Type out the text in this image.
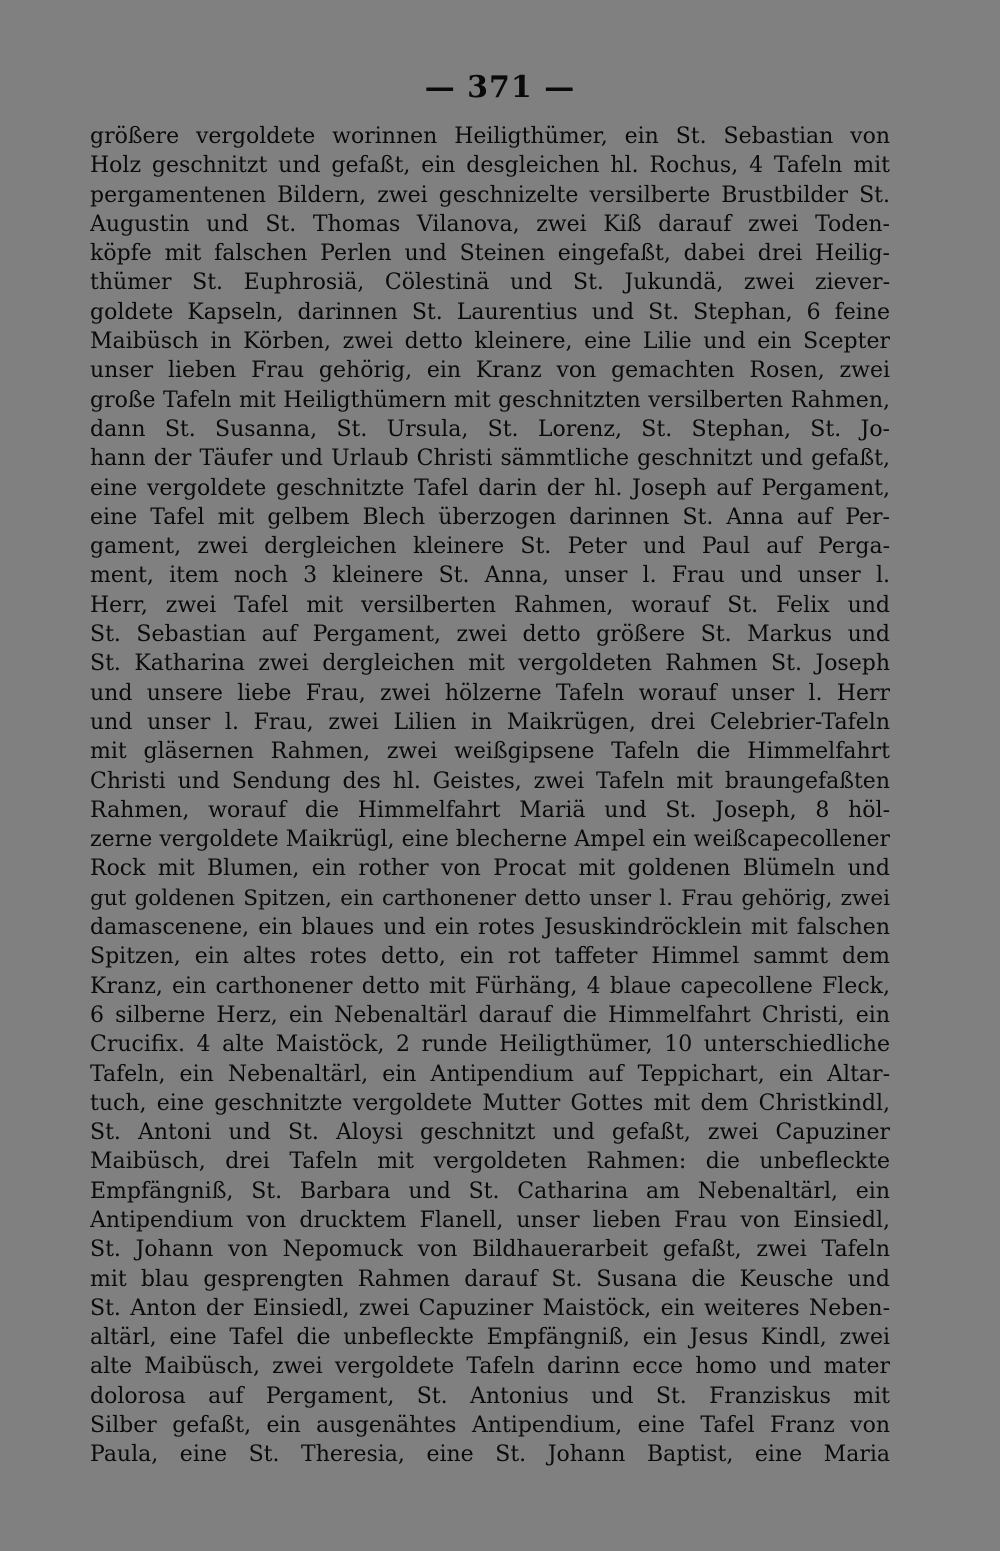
— 371 —
größere vergoldete worinnen Heiligthümer, ein St. Sebastian von
Holz geschnitzt und gefaßt, ein desgleichen hl. Rochus, 4 Tafeln mit
pergamentenen Bildern, zwei geschnizelte versilberte Brustbilder St.
Augustin und St. Thomas Vilanova, zwei Kiß darauf zwei Toden-
köpfe mit falschen Perlen und Steinen eingefaßt, dabei drei Heilig-
thümer St. Euphrosiä, Cölestinä und St. Jukundä, zwei ziever-
goldete Kapseln, darinnen St. Laurentius und St. Stephan, 6 feine
Maibüsch in Körben, zwei detto kleinere, eine Lilie und ein Scepter
unser lieben Frau gehörig, ein Kranz von gemachten Rosen, zwei
große Tafeln mit Heiligthümern mit geschnitzten versilberten Rahmen,
dann St. Susanna, St. Ursula, St. Lorenz, St. Stephan, St. Jo-
hann der Täufer und Urlaub Christi sämmtliche geschnitzt und gefaßt,
eine vergoldete geschnitzte Tafel darin der hl. Joseph auf Pergament,
eine Tafel mit gelbem Blech überzogen darinnen St. Anna auf Per-
gament, zwei dergleichen kleinere St. Peter und Paul auf Perga-
ment, item noch 3 kleinere St. Anna, unser l. Frau und unser l.
Herr, zwei Tafel mit versilberten Rahmen, worauf St. Felix und
St. Sebastian auf Pergament, zwei detto größere St. Markus und
St. Katharina zwei dergleichen mit vergoldeten Rahmen St. Joseph
und unsere liebe Frau, zwei hölzerne Tafeln worauf unser l. Herr
und unser l. Frau, zwei Lilien in Maikrügen, drei Celebrier-Tafeln
mit gläsernen Rahmen, zwei weißgipsene Tafeln die Himmelfahrt
Christi und Sendung des hl. Geistes, zwei Tafeln mit braungefaßten
Rahmen, worauf die Himmelfahrt Mariä und St. Joseph, 8 höl-
zerne vergoldete Maikrügl, eine blecherne Ampel ein weißcapecollener
Rock mit Blumen, ein rother von Procat mit goldenen Blümeln und
gut goldenen Spitzen, ein carthonener detto unser l. Frau gehörig, zwei
damascenene, ein blaues und ein rotes Jesuskindröcklein mit falschen
Spitzen, ein altes rotes detto, ein rot taffeter Himmel sammt dem
Kranz, ein carthonener detto mit Fürhäng, 4 blaue capecollene Fleck,
6 silberne Herz, ein Nebenaltärl darauf die Himmelfahrt Christi, ein
Crucifix. 4 alte Maistöck, 2 runde Heiligthümer, 10 unterschiedliche
Tafeln, ein Nebenaltärl, ein Antipendium auf Teppichart, ein Altar-
tuch, eine geschnitzte vergoldete Mutter Gottes mit dem Christkindl,
St. Antoni und St. Aloysi geschnitzt und gefaßt, zwei Capuziner
Maibüsch, drei Tafeln mit vergoldeten Rahmen: die unbefleckte
Empfängniß, St. Barbara und St. Catharina am Nebenaltärl, ein
Antipendium von drucktem Flanell, unser lieben Frau von Einsiedl,
St. Johann von Nepomuck von Bildhauerarbeit gefaßt, zwei Tafeln
mit blau gesprengten Rahmen darauf St. Susana die Keusche und
St. Anton der Einsiedl, zwei Capuziner Maistöck, ein weiteres Neben-
altärl, eine Tafel die unbefleckte Empfängniß, ein Jesus Kindl, zwei
alte Maibüsch, zwei vergoldete Tafeln darinn ecce homo und mater
dolorosa auf Pergament, St. Antonius und St. Franziskus mit
Silber gefaßt, ein ausgenähtes Antipendium, eine Tafel Franz von
Paula, eine St. Theresia, eine St. Johann Baptist, eine Maria
